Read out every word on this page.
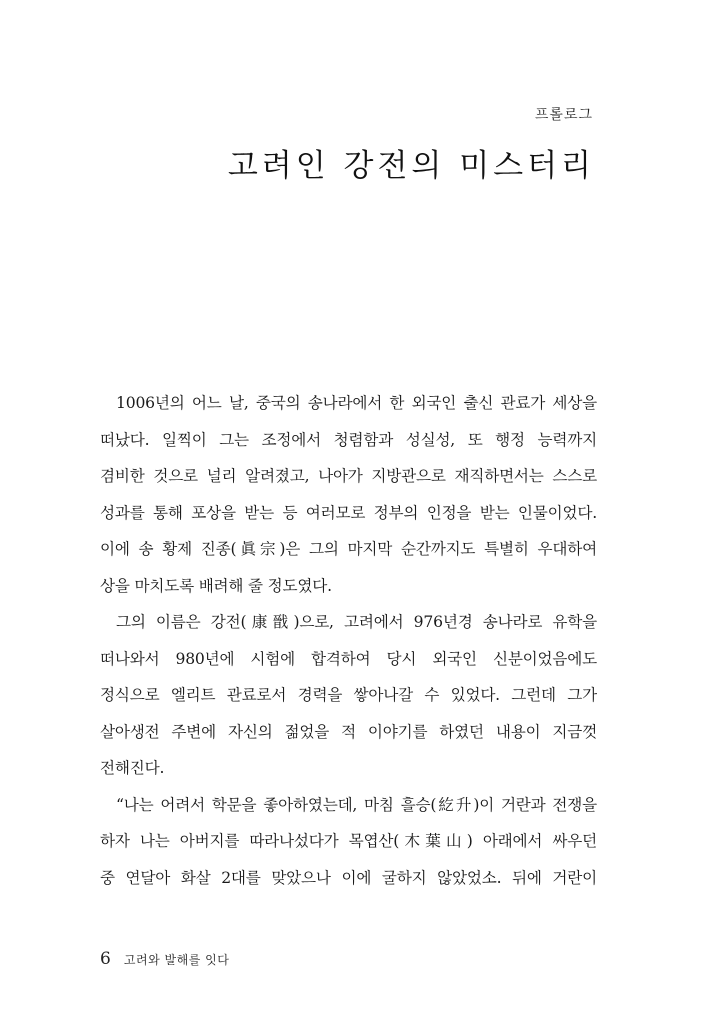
프롤로그
고려인 강전의 미스터리
1006년의 어느 날, 중국의 송나라에서 한 외국인 출신 관료가 세상을
떠났다. 일찍이 그는 조정에서 청렴함과 성실성, 또 행정 능력까지
겸비한 것으로 널리 알려졌고, 나아가 지방관으로 재직하면서는 스스로
성과를 통해 포상을 받는 등 여러모로 정부의 인정을 받는 인물이었다.
이에 송 황제 진종(眞宗)은 그의 마지막 순간까지도 특별히 우대하여
상을 마치도록 배려해 줄 정도였다.
그의 이름은 강전(康戩)으로, 고려에서 976년경 송나라로 유학을
떠나와서 980년에 시험에 합격하여 당시 외국인 신분이었음에도
정식으로 엘리트 관료로서 경력을 쌓아나갈 수 있었다. 그런데 그가
살아생전 주변에 자신의 젊었을 적 이야기를 하였던 내용이 지금껏
전해진다.
“나는 어려서 학문을 좋아하였는데, 마침 흘승(紇升)이 거란과 전쟁을
하자 나는 아버지를 따라나섰다가 목엽산(木葉山) 아래에서 싸우던
중 연달아 화살 2대를 맞았으나 이에 굴하지 않았었소. 뒤에 거란이
6 고려와 발해를 잇다
